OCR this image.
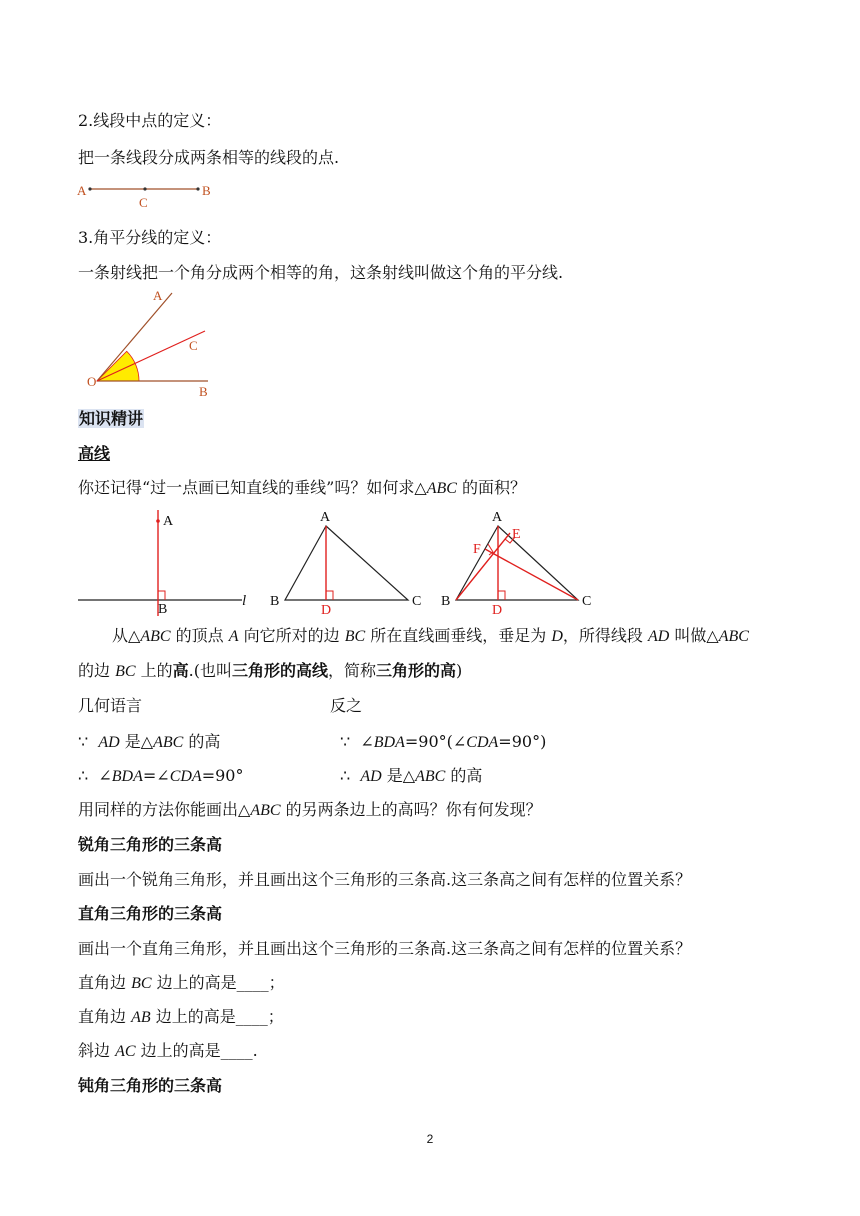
2.线段中点的定义：
把一条线段分成两条相等的线段的点.
A	B
C
3.角平分线的定义：
一条射线把一个角分成两个相等的角，这条射线叫做这个角的平分线.
A
C
B
O
知识精讲
高线
你还记得“过一点画已知直线的垂线”吗？如何求△ABC 的面积？
A
B
l
A
B	C
D
A
B	C
D
E
F
从△ABC 的顶点 A 向它所对的边 BC 所在直线画垂线，垂足为 D，所得线段 AD 叫做△ABC
的边 BC 上的高.(也叫三角形的高线，简称三角形的高)
几何语言	反之
∵ AD 是△ABC 的高	∵ ∠BDA=90°(∠CDA=90°)
∴ ∠BDA=∠CDA=90°	∴ AD 是△ABC 的高
用同样的方法你能画出△ABC 的另两条边上的高吗？你有何发现？
锐角三角形的三条高
画出一个锐角三角形，并且画出这个三角形的三条高.这三条高之间有怎样的位置关系？
直角三角形的三条高
画出一个直角三角形，并且画出这个三角形的三条高.这三条高之间有怎样的位置关系？
直角边 BC 边上的高是____；
直角边 AB 边上的高是____；
斜边 AC 边上的高是____.
钝角三角形的三条高
2
